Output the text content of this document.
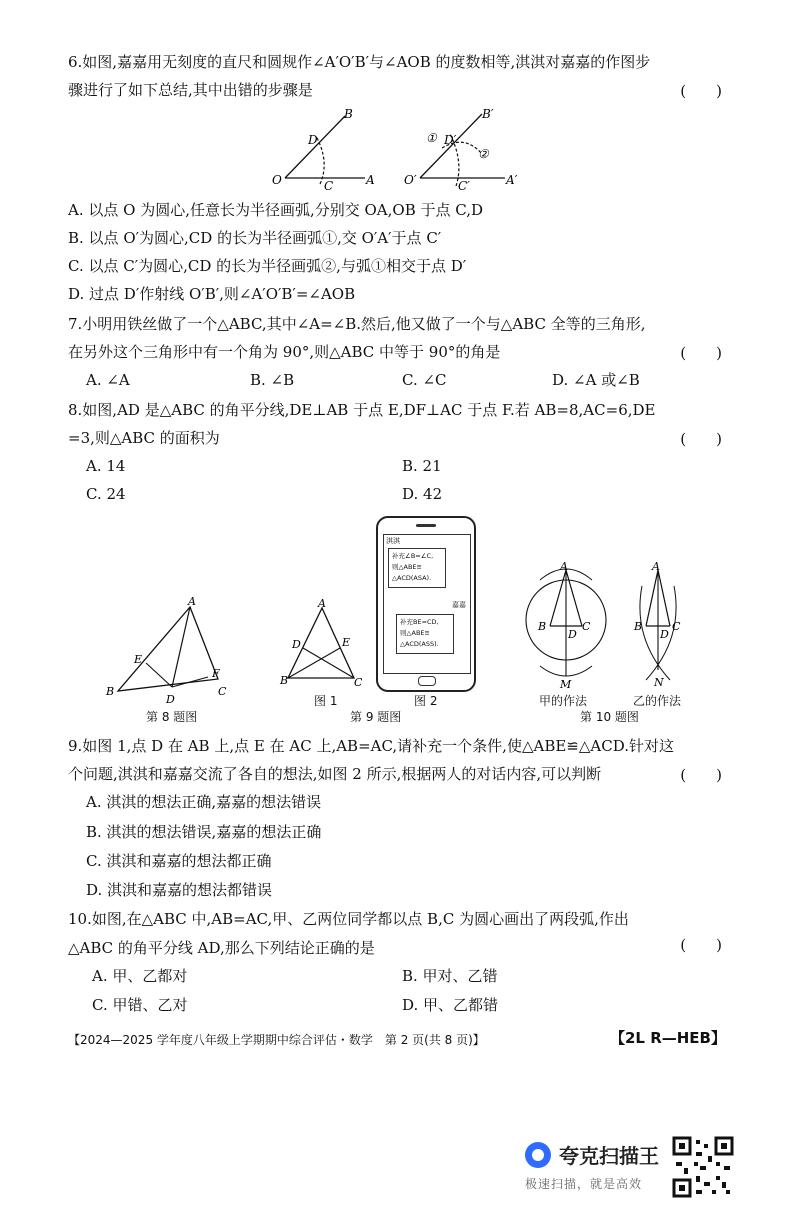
6.如图,嘉嘉用无刻度的直尺和圆规作∠A′O′B′与∠AOB 的度数相等,淇淇对嘉嘉的作图步
骤进行了如下总结,其中出错的步骤是	(　　)
O	A
B
C
D
O′	A′
B′
C′
D′
①
②
A. 以点 O 为圆心,任意长为半径画弧,分别交 OA,OB 于点 C,D
B. 以点 O′为圆心,CD 的长为半径画弧①,交 O′A′于点 C′
C. 以点 C′为圆心,CD 的长为半径画弧②,与弧①相交于点 D′
D. 过点 D′作射线 O′B′,则∠A′O′B′=∠AOB
7.小明用铁丝做了一个△ABC,其中∠A=∠B.然后,他又做了一个与△ABC 全等的三角形,
在另外这个三角形中有一个角为 90°,则△ABC 中等于 90°的角是	(　　)
A. ∠A	B. ∠B	C. ∠C	D. ∠A 或∠B
8.如图,AD 是△ABC 的角平分线,DE⊥AB 于点 E,DF⊥AC 于点 F.若 AB=8,AC=6,DE
=3,则△ABC 的面积为	(　　)
A. 14	B. 21
C. 24	D. 42
A
B	C
D
E
F
第 8 题图
A
B	C
D	E
图 1
淇淇
补充∠B=∠C,
则△ABE≌
△ACD(ASA).
嘉嘉
补充BE=CD,
则△ABE≌
△ACD(ASS).
图 2
第 9 题图
A
B	C
D
M
甲的作法
A
B	C
D
N
乙的作法
第 10 题图
9.如图 1,点 D 在 AB 上,点 E 在 AC 上,AB=AC,请补充一个条件,使△ABE≌△ACD.针对这
个问题,淇淇和嘉嘉交流了各自的想法,如图 2 所示,根据两人的对话内容,可以判断	(　　)
A. 淇淇的想法正确,嘉嘉的想法错误
B. 淇淇的想法错误,嘉嘉的想法正确
C. 淇淇和嘉嘉的想法都正确
D. 淇淇和嘉嘉的想法都错误
10.如图,在△ABC 中,AB=AC,甲、乙两位同学都以点 B,C 为圆心画出了两段弧,作出
△ABC 的角平分线 AD,那么下列结论正确的是	(　　)
A. 甲、乙都对	B. 甲对、乙错
C. 甲错、乙对	D. 甲、乙都错
【2024—2025 学年度八年级上学期期中综合评估・数学　第 2 页(共 8 页)】	【2L R—HEB】
夸克扫描王
极速扫描，就是高效
